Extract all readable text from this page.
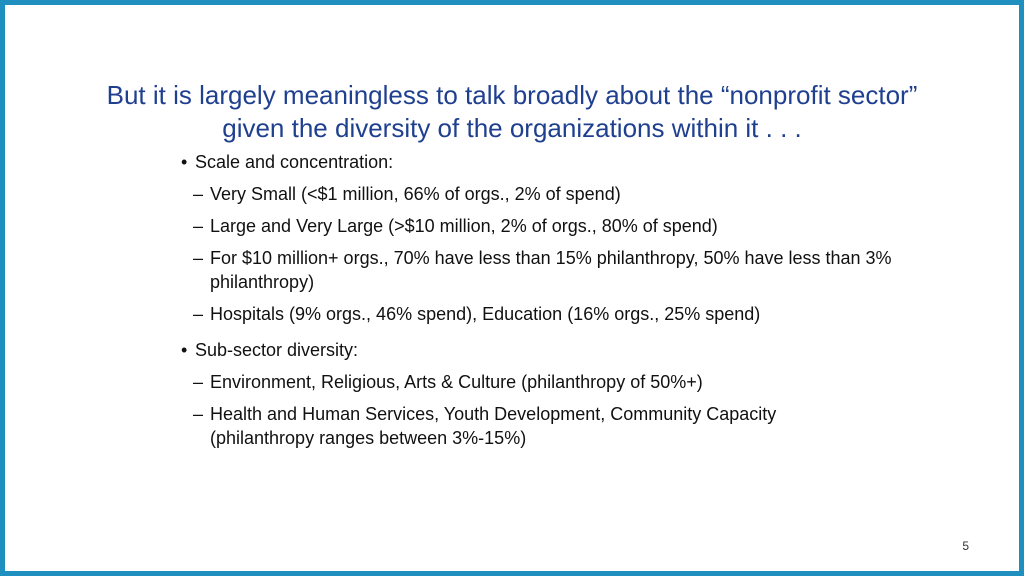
But it is largely meaningless to talk broadly about the “nonprofit sector”
given the diversity of the organizations within it . . .
• Scale and concentration:
– Very Small (<$1 million, 66% of orgs., 2% of spend)
– Large and Very Large (>$10 million, 2% of orgs., 80% of spend)
– For $10 million+ orgs., 70% have less than 15% philanthropy, 50% have less than 3% philanthropy)
– Hospitals (9% orgs., 46% spend), Education (16% orgs., 25% spend)
• Sub-sector diversity:
– Environment, Religious, Arts & Culture (philanthropy of 50%+)
– Health and Human Services, Youth Development, Community Capacity (philanthropy ranges between 3%-15%)
5
